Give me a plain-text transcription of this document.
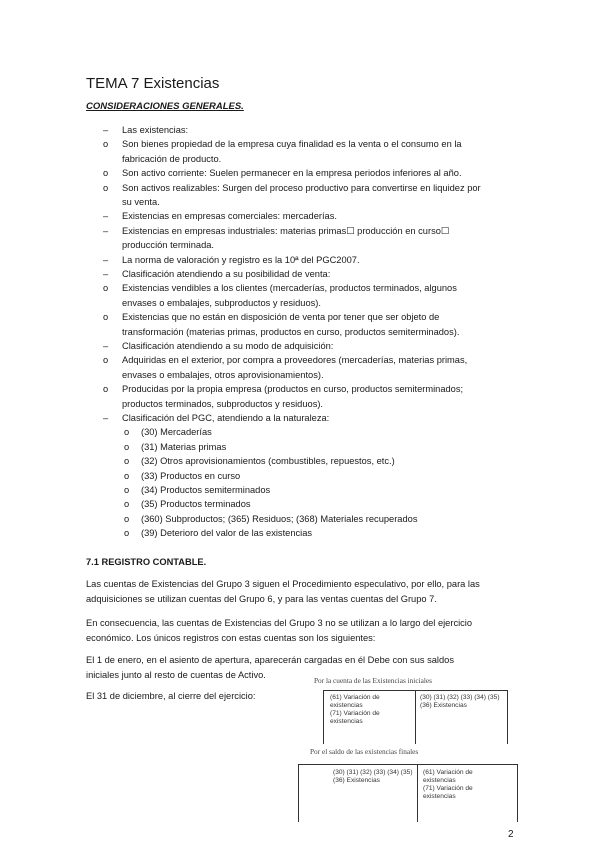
TEMA 7 Existencias

CONSIDERACIONES GENERALES.

– Las existencias:
o Son bienes propiedad de la empresa cuya finalidad es la venta o el consumo en la
fabricación de producto.
o Son activo corriente: Suelen permanecer en la empresa periodos inferiores al año.
o Son activos realizables: Surgen del proceso productivo para convertirse en liquidez por
su venta.
– Existencias en empresas comerciales: mercaderías.
– Existencias en empresas industriales: materias primas☐ producción en curso☐
producción terminada.
– La norma de valoración y registro es la 10ª del PGC2007.
– Clasificación atendiendo a su posibilidad de venta:
o Existencias vendibles a los clientes (mercaderías, productos terminados, algunos
envases o embalajes, subproductos y residuos).
o Existencias que no están en disposición de venta por tener que ser objeto de
transformación (materias primas, productos en curso, productos semiterminados).
– Clasificación atendiendo a su modo de adquisición:
o Adquiridas en el exterior, por compra a proveedores (mercaderías, materias primas,
envases o embalajes, otros aprovisionamientos).
o Producidas por la propia empresa (productos en curso, productos semiterminados;
productos terminados, subproductos y residuos).
– Clasificación del PGC, atendiendo a la naturaleza:
o (30) Mercaderías
o (31) Materias primas
o (32) Otros aprovisionamientos (combustibles, repuestos, etc.)
o (33) Productos en curso
o (34) Productos semiterminados
o (35) Productos terminados
o (360) Subproductos; (365) Residuos; (368) Materiales recuperados
o (39) Deterioro del valor de las existencias

7.1 REGISTRO CONTABLE.

Las cuentas de Existencias del Grupo 3 siguen el Procedimiento especulativo, por ello, para las
adquisiciones se utilizan cuentas del Grupo 6, y para las ventas cuentas del Grupo 7.

En consecuencia, las cuentas de Existencias del Grupo 3 no se utilizan a lo largo del ejercicio
económico. Los únicos registros con estas cuentas son los siguientes:

El 1 de enero, en el asiento de apertura, aparecerán cargadas en él Debe con sus saldos
iniciales junto al resto de cuentas de Activo.

El 31 de diciembre, al cierre del ejercicio:

Por la cuenta de las Existencias iniciales
(61) Variación de
existencias
(71) Variación de
existencias
(30) (31) (32) (33) (34) (35)
(36) Existencias
Por el saldo de las existencias finales
(30) (31) (32) (33) (34) (35)
(36) Existencias
(61) Variación de
existencias
(71) Variación de
existencias
2
